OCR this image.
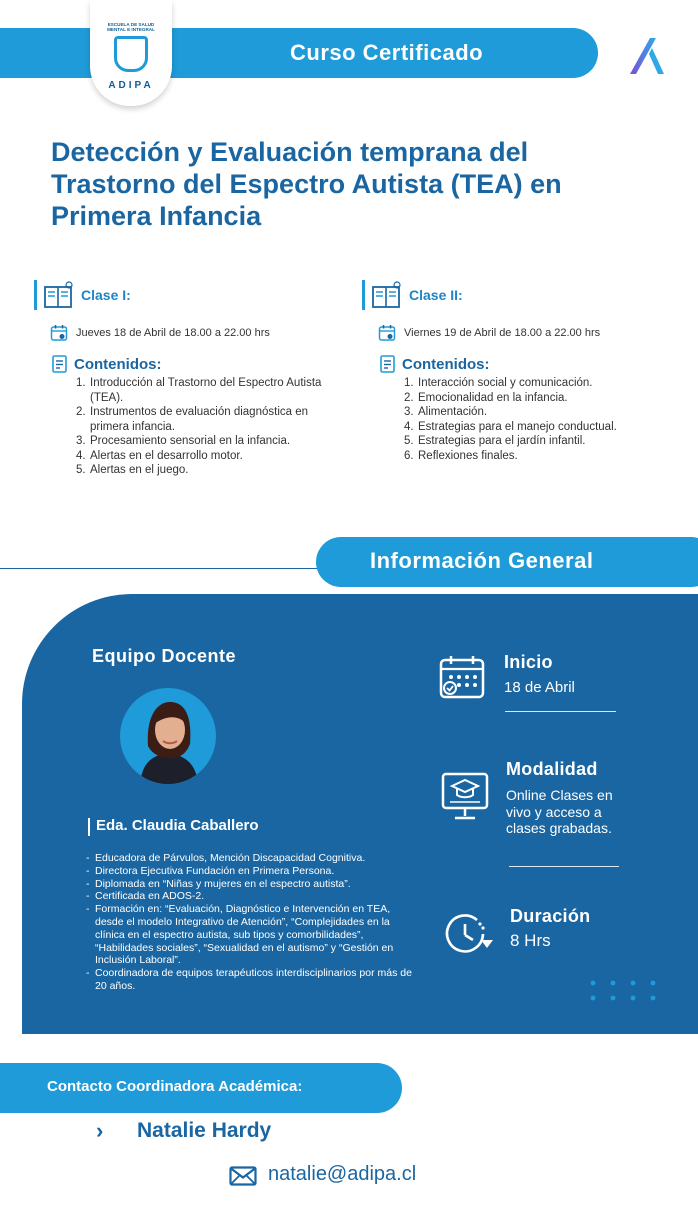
Curso Certificado
ESCUELA DE SALUD MENTAL E INTEGRAL
ADIPA
Detección y Evaluación temprana del Trastorno del Espectro Autista (TEA) en Primera Infancia
Clase I:
Jueves 18 de Abril de 18.00 a 22.00 hrs
Contenidos:
1. Introducción al Trastorno del Espectro Autista (TEA).
2. Instrumentos de evaluación diagnóstica en primera infancia.
3. Procesamiento sensorial en la infancia.
4. Alertas en el desarrollo motor.
5. Alertas en el juego.
Clase II:
Viernes 19 de Abril de 18.00 a 22.00 hrs
Contenidos:
1. Interacción social y comunicación.
2. Emocionalidad en la infancia.
3. Alimentación.
4. Estrategias para el manejo conductual.
5. Estrategias para el jardín infantil.
6. Reflexiones finales.
Información General
Equipo Docente
Eda. Claudia Caballero
- Educadora de Párvulos, Mención Discapacidad Cognitiva.
- Directora Ejecutiva Fundación en Primera Persona.
- Diplomada en “Niñas y mujeres en el espectro autista”.
- Certificada en ADOS-2.
- Formación en: “Evaluación, Diagnóstico e Intervención en TEA, desde el modelo Integrativo de Atención”, “Complejidades en la clínica en el espectro autista, sub tipos y comorbilidades”, “Habilidades sociales”, “Sexualidad en el autismo” y “Gestión en Inclusión Laboral”.
- Coordinadora de equipos terapéuticos interdisciplinarios por más de 20 años.
Inicio
18 de Abril
Modalidad
Online Clases en vivo y acceso a clases grabadas.
Duración
8 Hrs
Contacto Coordinadora Académica:
› Natalie Hardy
natalie@adipa.cl
